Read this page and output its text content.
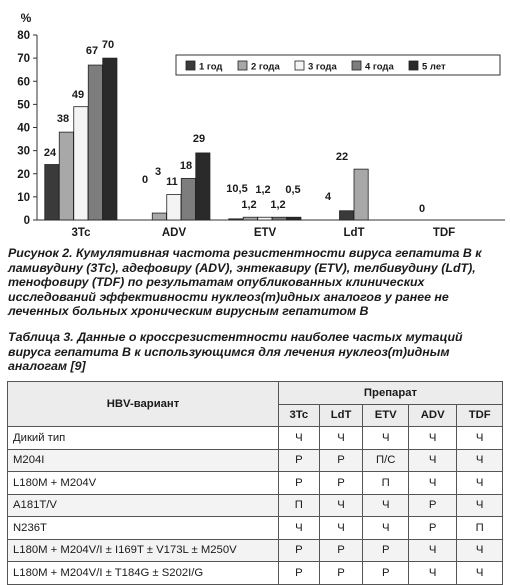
%
0
10
20
30
40
50
60
70
80
3Tc	ADV	ETV	LdT	TDF
24
38
49
67 70
0
3
11
18
29
10,5
1,2
1,2
1,2
0,5
4
22
0
1 год	2 года	3 года	4 года	5 лет

Рисунок 2. Кумулятивная частота резистентности вируса гепатита В к ламивудину (3Tc), адефовиру (ADV), энтекавиру (ETV), телбивудину (LdT), тенофовиру (TDF) по результатам опубликованных клинических исследований эффективности нуклеоз(т)идных аналогов у ранее не леченных больных хроническим вирусным гепатитом В

Таблица 3. Данные о кроссрезистентности наиболее частых мутаций вируса гепатита В к использующимся для лечения нуклеоз(т)идным аналогам [9]

HBV-вариант	Препарат				
	3Tc	LdT	ETV	ADV	TDF
Дикий тип	Ч	Ч	Ч	Ч	Ч
M204I	Р	Р	П/С	Ч	Ч
L180M + M204V	Р	Р	П	Ч	Ч
A181T/V	П	Ч	Ч	Р	Ч
N236T	Ч	Ч	Ч	Р	П
L180M + M204V/I ± I169T ± V173L ± M250V	Р	Р	Р	Ч	Ч
L180M + M204V/I ± T184G ± S202I/G	Р	Р	Р	Ч	Ч
